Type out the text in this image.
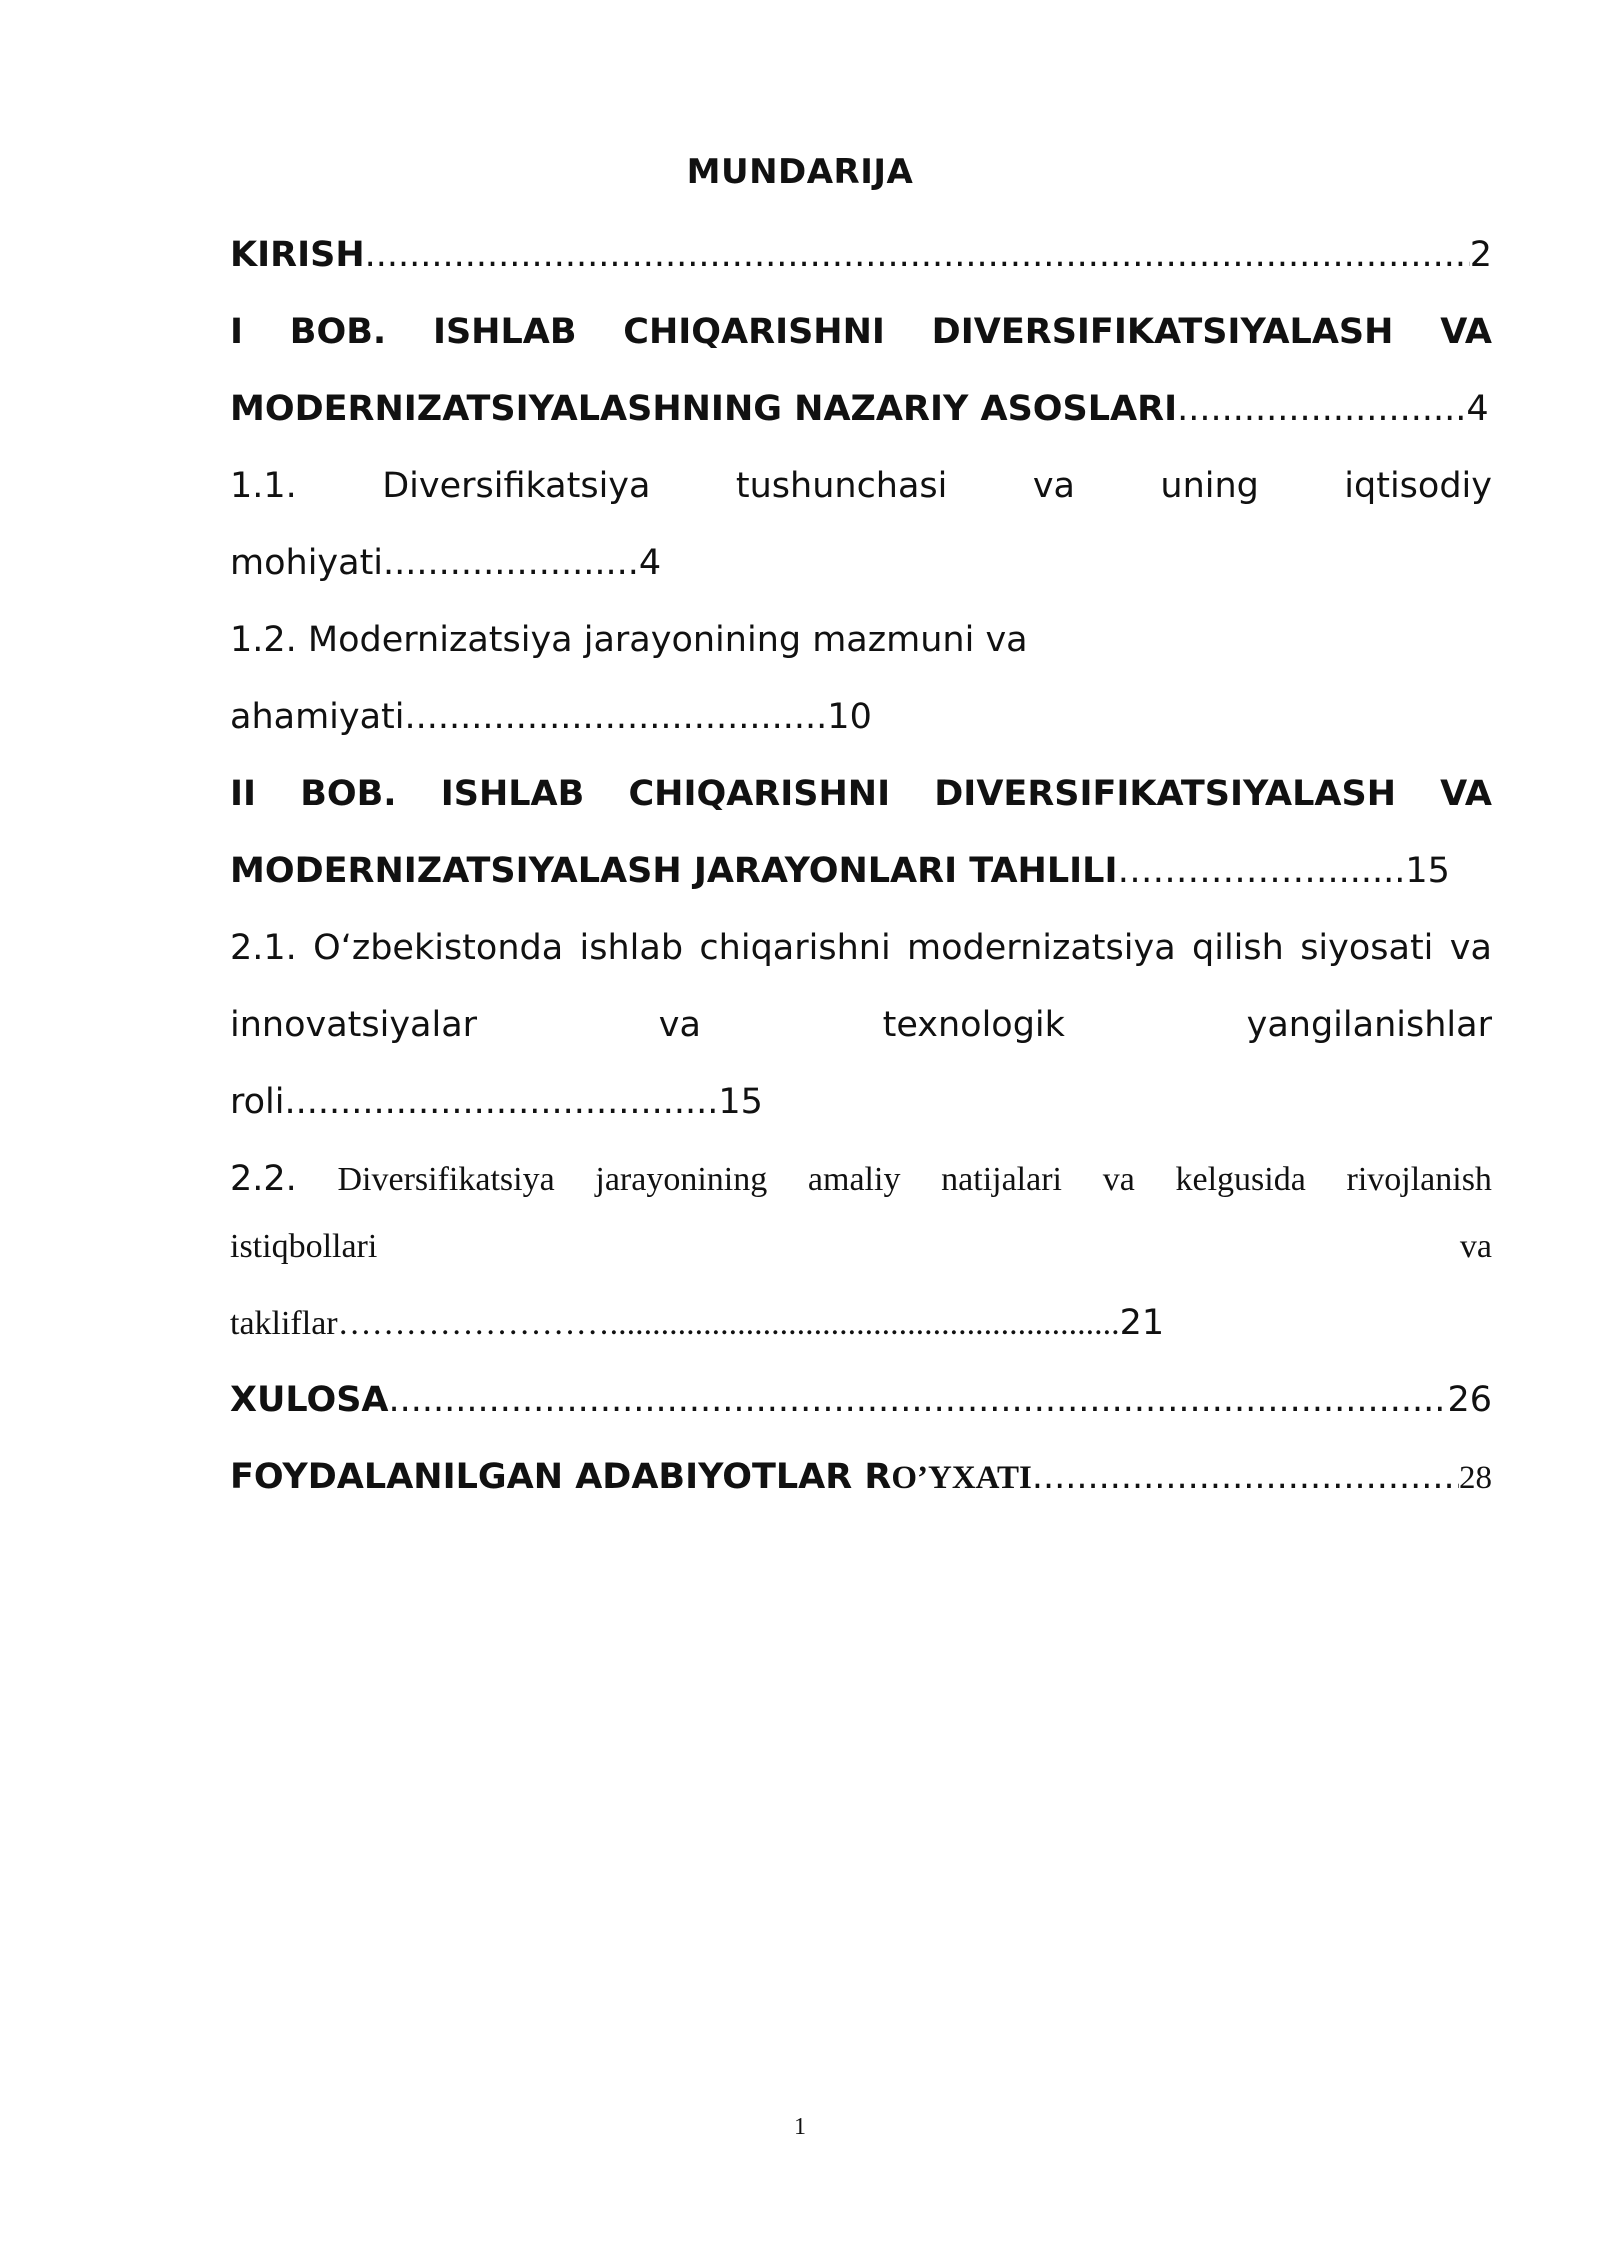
MUNDARIJA
KIRISH .....	2
I BOB. ISHLAB CHIQARISHNI DIVERSIFIKATSIYALASH VA
MODERNIZATSIYALASHNING NAZARIY ASOSLARI..........................4
1.1. Diversifikatsiya tushunchasi va uning iqtisodiy
mohiyati.......................4
1.2. Modernizatsiya jarayonining mazmuni va
ahamiyati......................................10
II BOB. ISHLAB CHIQARISHNI DIVERSIFIKATSIYALASH VA
MODERNIZATSIYALASH JARAYONLARI TAHLILI……………….......15
2.1. O‘zbekistonda ishlab chiqarishni modernizatsiya qilish siyosati va
innovatsiyalar	va	texnologik	yangilanishlar
roli.......................................15
2.2. Diversifikatsiya jarayonining amaliy natijalari va kelgusida rivojlanish
istiqbollari	va
takliflar……………………............................................................21
XULOSA .....	26
FOYDALANILGAN ADABIYOTLAR R O’YXATI .....	28
1
